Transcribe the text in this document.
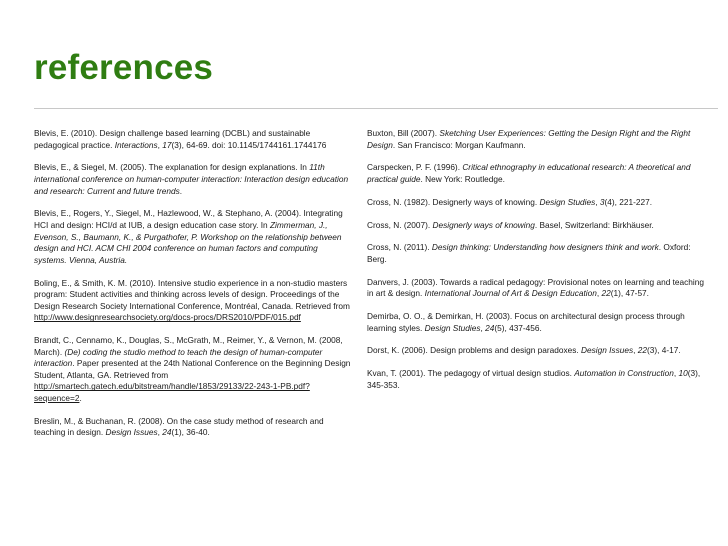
references
Blevis, E. (2010). Design challenge based learning (DCBL) and sustainable pedagogical practice. Interactions, 17(3), 64-69. doi: 10.1145/1744161.1744176
Blevis, E., & Siegel, M. (2005). The explanation for design explanations. In 11th international conference on human-computer interaction: Interaction design education and research: Current and future trends.
Blevis, E., Rogers, Y., Siegel, M., Hazlewood, W., & Stephano, A. (2004). Integrating HCI and design: HCI/d at IUB, a design education case story. In Zimmerman, J., Evenson, S., Baumann, K., & Purgathofer, P. Workshop on the relationship between design and HCI. ACM CHI 2004 conference on human factors and computing systems. Vienna, Austria.
Boling, E., & Smith, K. M. (2010). Intensive studio experience in a non-studio masters program: Student activities and thinking across levels of design. Proceedings of the Design Research Society International Conference, Montréal, Canada. Retrieved from http://www.designresearchsociety.org/docs-procs/DRS2010/PDF/015.pdf
Brandt, C., Cennamo, K., Douglas, S., McGrath, M., Reimer, Y., & Vernon, M. (2008, March). (De) coding the studio method to teach the design of human-computer interaction. Paper presented at the 24th National Conference on the Beginning Design Student, Atlanta, GA. Retrieved from http://smartech.gatech.edu/bitstream/handle/1853/29133/22-243-1-PB.pdf?sequence=2.
Breslin, M., & Buchanan, R. (2008). On the case study method of research and teaching in design. Design Issues, 24(1), 36-40.
Buxton, Bill (2007). Sketching User Experiences: Getting the Design Right and the Right Design. San Francisco: Morgan Kaufmann.
Carspecken, P. F. (1996). Critical ethnography in educational research: A theoretical and practical guide. New York: Routledge.
Cross, N. (1982). Designerly ways of knowing. Design Studies, 3(4), 221-227.
Cross, N. (2007). Designerly ways of knowing. Basel, Switzerland: Birkhäuser.
Cross, N. (2011). Design thinking: Understanding how designers think and work. Oxford: Berg.
Danvers, J. (2003). Towards a radical pedagogy: Provisional notes on learning and teaching in art & design. International Journal of Art & Design Education, 22(1), 47-57.
Demirba, O. O., & Demirkan, H. (2003). Focus on architectural design process through learning styles. Design Studies, 24(5), 437-456.
Dorst, K. (2006). Design problems and design paradoxes. Design Issues, 22(3), 4-17.
Kvan, T. (2001). The pedagogy of virtual design studios. Automation in Construction, 10(3), 345-353.
